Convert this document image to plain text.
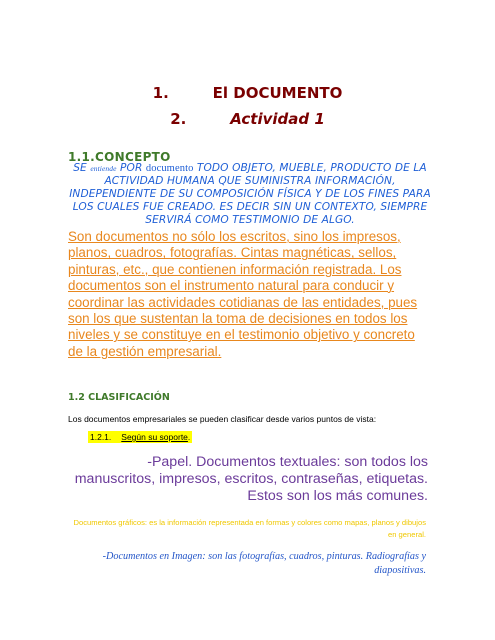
1.	El DOCUMENTO
2.	Actividad 1
1.1.CONCEPTO
SE entiende POR documento TODO OBJETO, MUEBLE, PRODUCTO DE LA ACTIVIDAD HUMANA QUE SUMINISTRA INFORMACIÓN, INDEPENDIENTE DE SU COMPOSICIÓN FÍSICA Y DE LOS FINES PARA LOS CUALES FUE CREADO. ES DECIR SIN UN CONTEXTO, SIEMPRE SERVIRÁ COMO TESTIMONIO DE ALGO.
Son documentos no sólo los escritos, sino los impresos, planos, cuadros, fotografías. Cintas magnéticas, sellos, pinturas, etc., que contienen información registrada. Los documentos son el instrumento natural para conducir y coordinar las actividades cotidianas de las entidades, pues son los que sustentan la toma de decisiones en todos los niveles y se constituye en el testimonio objetivo y concreto de la gestión empresarial.
1.2 CLASIFICACIÓN
Los documentos empresariales se pueden clasificar desde varios puntos de vista:
1.2.1. Según su soporte.
-Papel. Documentos textuales: son todos los manuscritos, impresos, escritos, contraseñas, etiquetas. Estos son los más comunes.
Documentos gráficos: es la información representada en formas y colores como mapas, planos y dibujos en general.
-Documentos en Imagen: son las fotografías, cuadros, pinturas. Radiografías y diapositivas.
